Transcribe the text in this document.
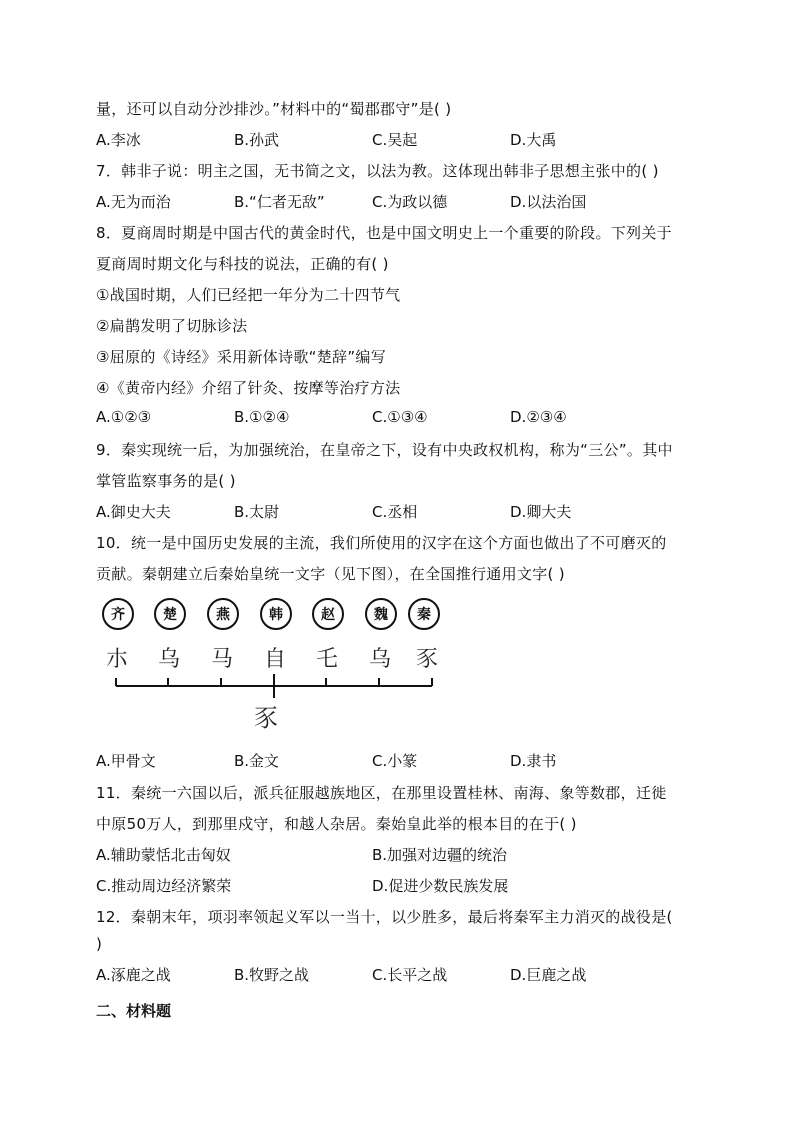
量，还可以自动分沙排沙。”材料中的“蜀郡郡守”是( )
A.李冰	B.孙武	C.吴起	D.大禹
7．韩非子说：明主之国，无书简之文，以法为教。这体现出韩非子思想主张中的( )
A.无为而治	B.“仁者无敌”	C.为政以德	D.以法治国
8．夏商周时期是中国古代的黄金时代，也是中国文明史上一个重要的阶段。下列关于
夏商周时期文化与科技的说法，正确的有( )
①战国时期，人们已经把一年分为二十四节气
②扁鹊发明了切脉诊法
③屈原的《诗经》采用新体诗歌“楚辞”编写
④《黄帝内经》介绍了针灸、按摩等治疗方法
A.①②③	B.①②④	C.①③④	D.②③④
9．秦实现统一后，为加强统治，在皇帝之下，设有中央政权机构，称为“三公”。其中
掌管监察事务的是( )
A.御史大夫	B.太尉	C.丞相	D.卿大夫
10．统一是中国历史发展的主流，我们所使用的汉字在这个方面也做出了不可磨灭的
贡献。秦朝建立后秦始皇统一文字（见下图），在全国推行通用文字( )
齐	楚	燕	韩	赵	魏	秦
朩 乌 马 自 乇 乌 豕
豕
A.甲骨文	B.金文	C.小篆	D.隶书
11．秦统一六国以后，派兵征服越族地区，在那里设置桂林、南海、象等数郡，迁徙
中原50万人，到那里戍守，和越人杂居。秦始皇此举的根本目的在于( )
A.辅助蒙恬北击匈奴	B.加强对边疆的统治
C.推动周边经济繁荣	D.促进少数民族发展
12．秦朝末年，项羽率领起义军以一当十，以少胜多，最后将秦军主力消灭的战役是(
)
A.涿鹿之战	B.牧野之战	C.长平之战	D.巨鹿之战
二、材料题
